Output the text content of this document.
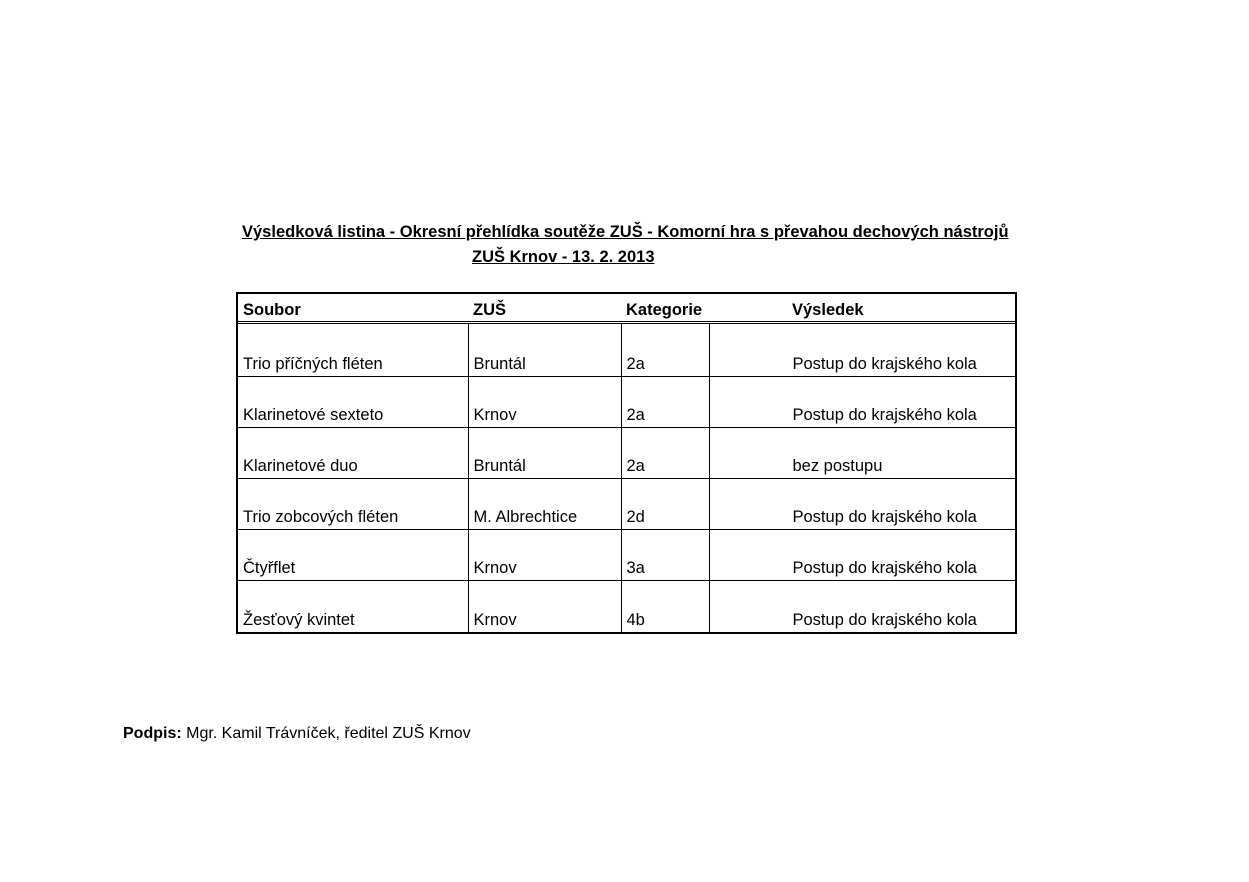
Výsledková listina - Okresní přehlídka soutěže ZUŠ - Komorní hra s převahou dechových nástrojů
ZUŠ Krnov - 13. 2. 2013
Soubor	ZUŠ	Kategorie	Výsledek
Trio příčných fléten	Bruntál	2a	Postup do krajského kola
Klarinetové sexteto	Krnov	2a	Postup do krajského kola
Klarinetové duo	Bruntál	2a	bez postupu
Trio zobcových fléten	M. Albrechtice	2d	Postup do krajského kola
Čtyřflet	Krnov	3a	Postup do krajského kola
Žesťový kvintet	Krnov	4b	Postup do krajského kola
Podpis: Mgr. Kamil Trávníček, ředitel ZUŠ Krnov
